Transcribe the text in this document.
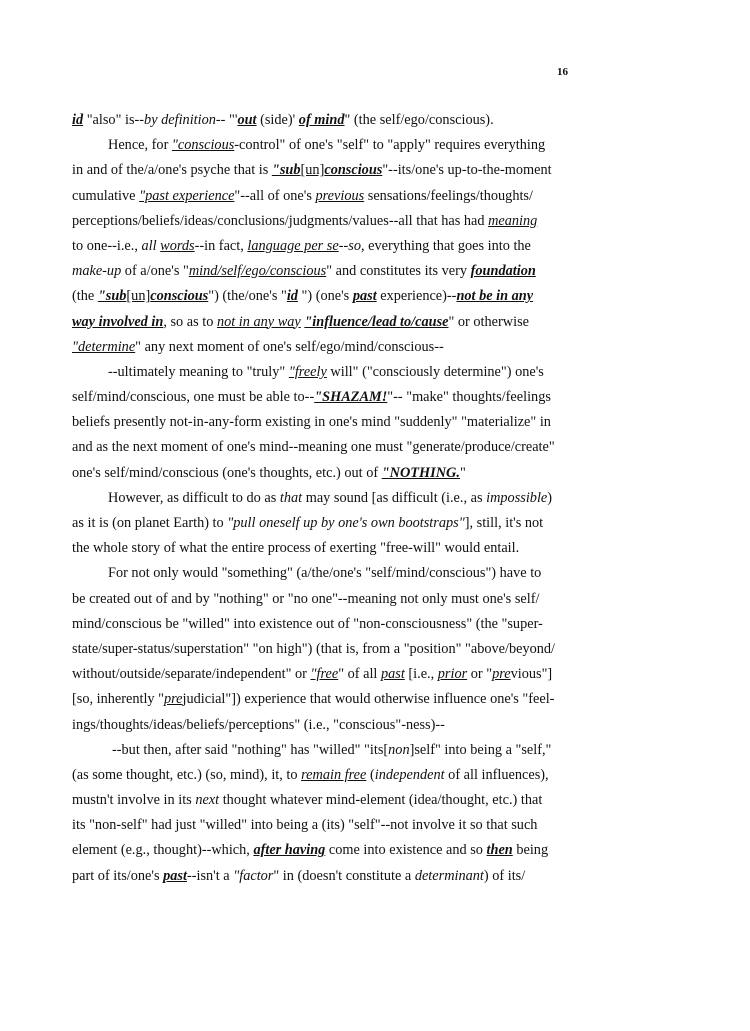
16
id "also" is--by definition-- "'out (side)' of mind" (the self/ego/conscious).
Hence, for "conscious-control" of one's "self" to "apply" requires everything
in and of the/a/one's psyche that is "sub[un]conscious"--its/one's up-to-the-moment
cumulative "past experience"--all of one's previous sensations/feelings/thoughts/
perceptions/beliefs/ideas/conclusions/judgments/values--all that has had meaning
to one--i.e., all words--in fact, language per se--so, everything that goes into the
make-up of a/one's "mind/self/ego/conscious" and constitutes its very foundation
(the "sub[un]conscious") (the/one's "id ") (one's past experience)--not be in any
way involved in, so as to not in any way "influence/lead to/cause" or otherwise
"determine" any next moment of one's self/ego/mind/conscious--
--ultimately meaning to "truly" "freely will" ("consciously determine") one's
self/mind/conscious, one must be able to--"SHAZAM!"-- "make" thoughts/feelings
beliefs presently not-in-any-form existing in one's mind "suddenly" "materialize" in
and as the next moment of one's mind--meaning one must "generate/produce/create"
one's self/mind/conscious (one's thoughts, etc.) out of "NOTHING."
However, as difficult to do as that may sound [as difficult (i.e., as impossible)
as it is (on planet Earth) to "pull oneself up by one's own bootstraps"], still, it's not
the whole story of what the entire process of exerting "free-will" would entail.
For not only would "something" (a/the/one's "self/mind/conscious") have to
be created out of and by "nothing" or "no one"--meaning not only must one's self/
mind/conscious be "willed" into existence out of "non-consciousness" (the "super-
state/super-status/superstation" "on high") (that is, from a "position" "above/beyond/
without/outside/separate/independent" or "free" of all past [i.e., prior or "previous"]
[so, inherently "prejudicial"]) experience that would otherwise influence one's "feel-
ings/thoughts/ideas/beliefs/perceptions" (i.e., "conscious"-ness)--
--but then, after said "nothing" has "willed" "its[non]self" into being a "self,"
(as some thought, etc.) (so, mind), it, to remain free (independent of all influences),
mustn't involve in its next thought whatever mind-element (idea/thought, etc.) that
its "non-self" had just "willed" into being a (its) "self"--not involve it so that such
element (e.g., thought)--which, after having come into existence and so then being
part of its/one's past--isn't a "factor" in (doesn't constitute a determinant) of its/
